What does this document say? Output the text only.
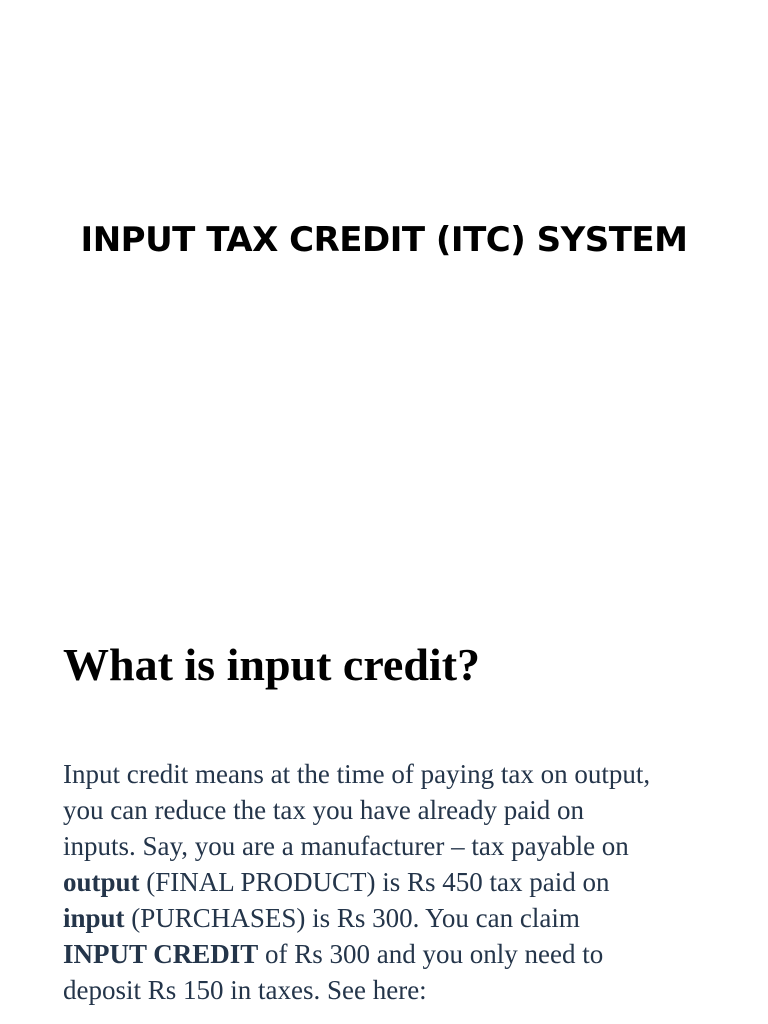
INPUT TAX CREDIT (ITC) SYSTEM
What is input credit?
Input credit means at the time of paying tax on output,
you can reduce the tax you have already paid on
inputs. Say, you are a manufacturer – tax payable on
output (FINAL PRODUCT) is Rs 450 tax paid on
input (PURCHASES) is Rs 300. You can claim
INPUT CREDIT of Rs 300 and you only need to
deposit Rs 150 in taxes. See here:
